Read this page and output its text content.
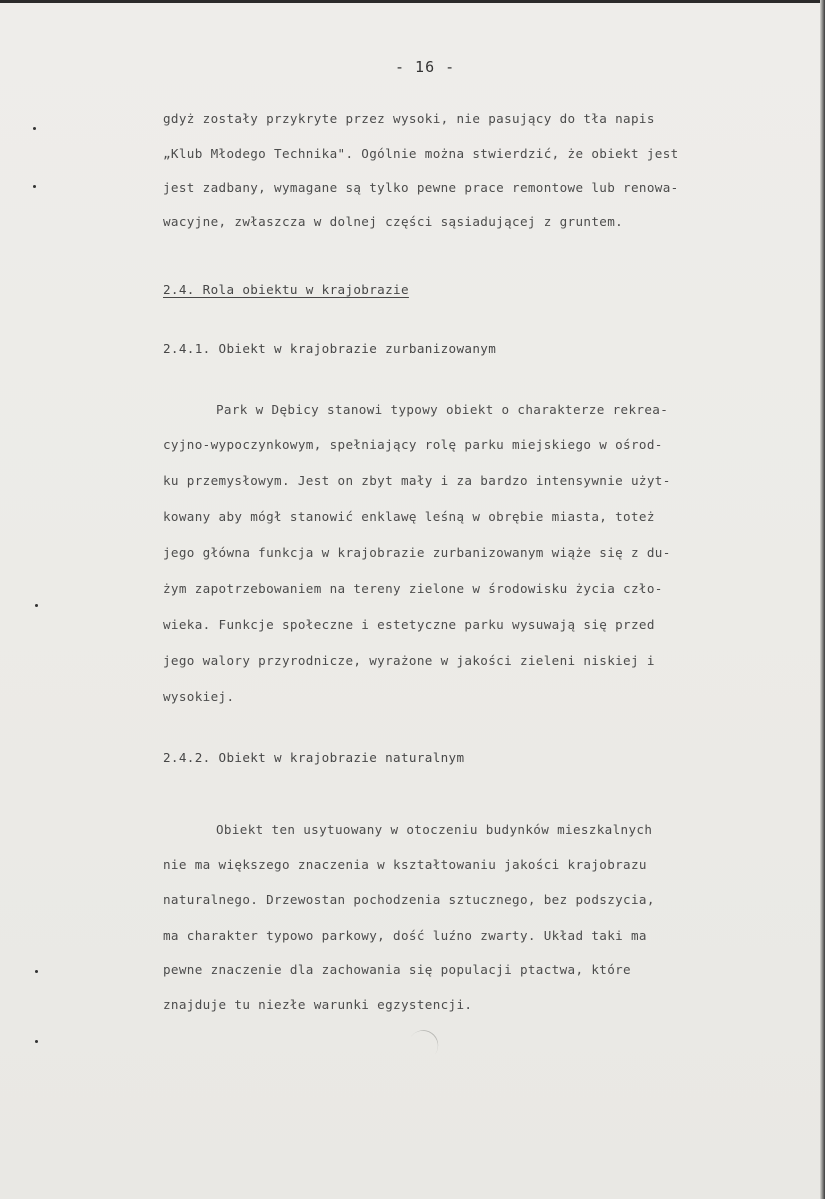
- 16 -
gdyż zostały przykryte przez wysoki, nie pasujący do tła napis
„Klub Młodego Technika". Ogólnie można stwierdzić, że obiekt jest
jest zadbany, wymagane są tylko pewne prace remontowe lub renowa-
wacyjne, zwłaszcza w dolnej części sąsiadującej z gruntem.
2.4. Rola obiektu w krajobrazie
2.4.1. Obiekt w krajobrazie zurbanizowanym
Park w Dębicy stanowi typowy obiekt o charakterze rekrea-
cyjno-wypoczynkowym, spełniający rolę parku miejskiego w ośrod-
ku przemysłowym. Jest on zbyt mały i za bardzo intensywnie użyt-
kowany aby mógł stanowić enklawę leśną w obrębie miasta, toteż
jego główna funkcja w krajobrazie zurbanizowanym wiąże się z du-
żym zapotrzebowaniem na tereny zielone w środowisku życia czło-
wieka. Funkcje społeczne i estetyczne parku wysuwają się przed
jego walory przyrodnicze, wyrażone w jakości zieleni niskiej i
wysokiej.
2.4.2. Obiekt w krajobrazie naturalnym
Obiekt ten usytuowany w otoczeniu budynków mieszkalnych
nie ma większego znaczenia w kształtowaniu jakości krajobrazu
naturalnego. Drzewostan pochodzenia sztucznego, bez podszycia,
ma charakter typowo parkowy, dość luźno zwarty. Układ taki ma
pewne znaczenie dla zachowania się populacji ptactwa, które
znajduje tu niezłe warunki egzystencji.
